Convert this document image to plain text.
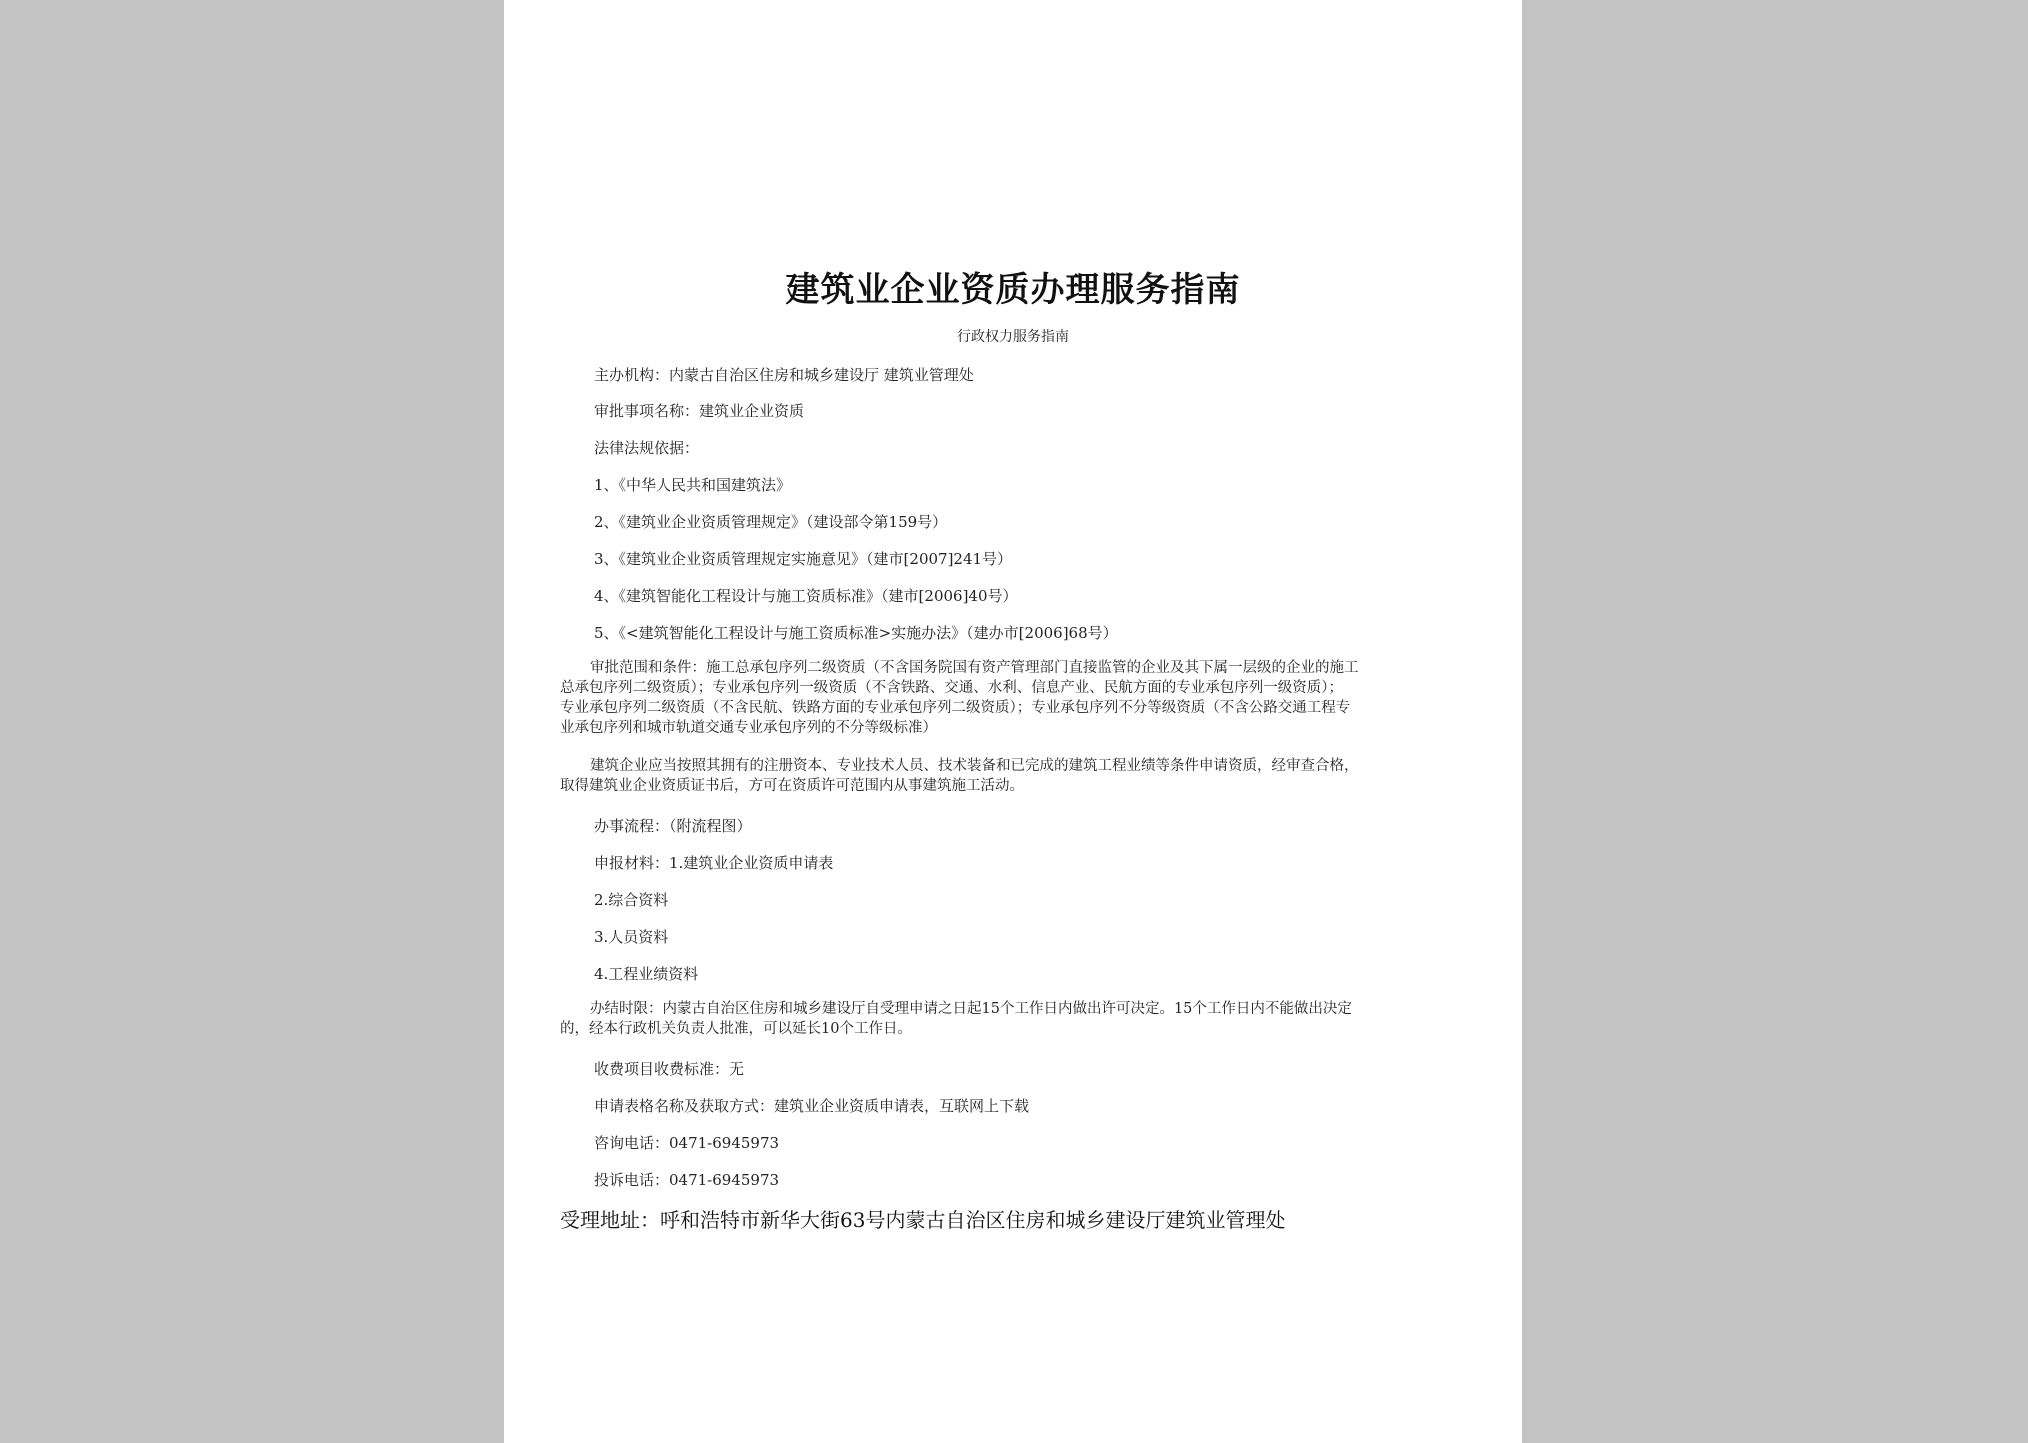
建筑业企业资质办理服务指南
行政权力服务指南
主办机构：内蒙古自治区住房和城乡建设厅 建筑业管理处
审批事项名称：建筑业企业资质
法律法规依据：
1、《中华人民共和国建筑法》
2、《建筑业企业资质管理规定》（建设部令第159号）
3、《建筑业企业资质管理规定实施意见》（建市[2007]241号）
4、《建筑智能化工程设计与施工资质标准》（建市[2006]40号）
5、《<建筑智能化工程设计与施工资质标准>实施办法》（建办市[2006]68号）
审批范围和条件：施工总承包序列二级资质（不含国务院国有资产管理部门直接监管的企业及其下属一层级的企业的施工
总承包序列二级资质）；专业承包序列一级资质（不含铁路、交通、水利、信息产业、民航方面的专业承包序列一级资质）；
专业承包序列二级资质（不含民航、铁路方面的专业承包序列二级资质）；专业承包序列不分等级资质（不含公路交通工程专
业承包序列和城市轨道交通专业承包序列的不分等级标准）
建筑企业应当按照其拥有的注册资本、专业技术人员、技术装备和已完成的建筑工程业绩等条件申请资质，经审查合格，
取得建筑业企业资质证书后，方可在资质许可范围内从事建筑施工活动。
办事流程：（附流程图）
申报材料：1.建筑业企业资质申请表
2.综合资料
3.人员资料
4.工程业绩资料
办结时限：内蒙古自治区住房和城乡建设厅自受理申请之日起15个工作日内做出许可决定。15个工作日内不能做出决定
的，经本行政机关负责人批准，可以延长10个工作日。
收费项目收费标准：无
申请表格名称及获取方式：建筑业企业资质申请表，互联网上下载
咨询电话：0471-6945973
投诉电话：0471-6945973
受理地址：呼和浩特市新华大街63号内蒙古自治区住房和城乡建设厅建筑业管理处
